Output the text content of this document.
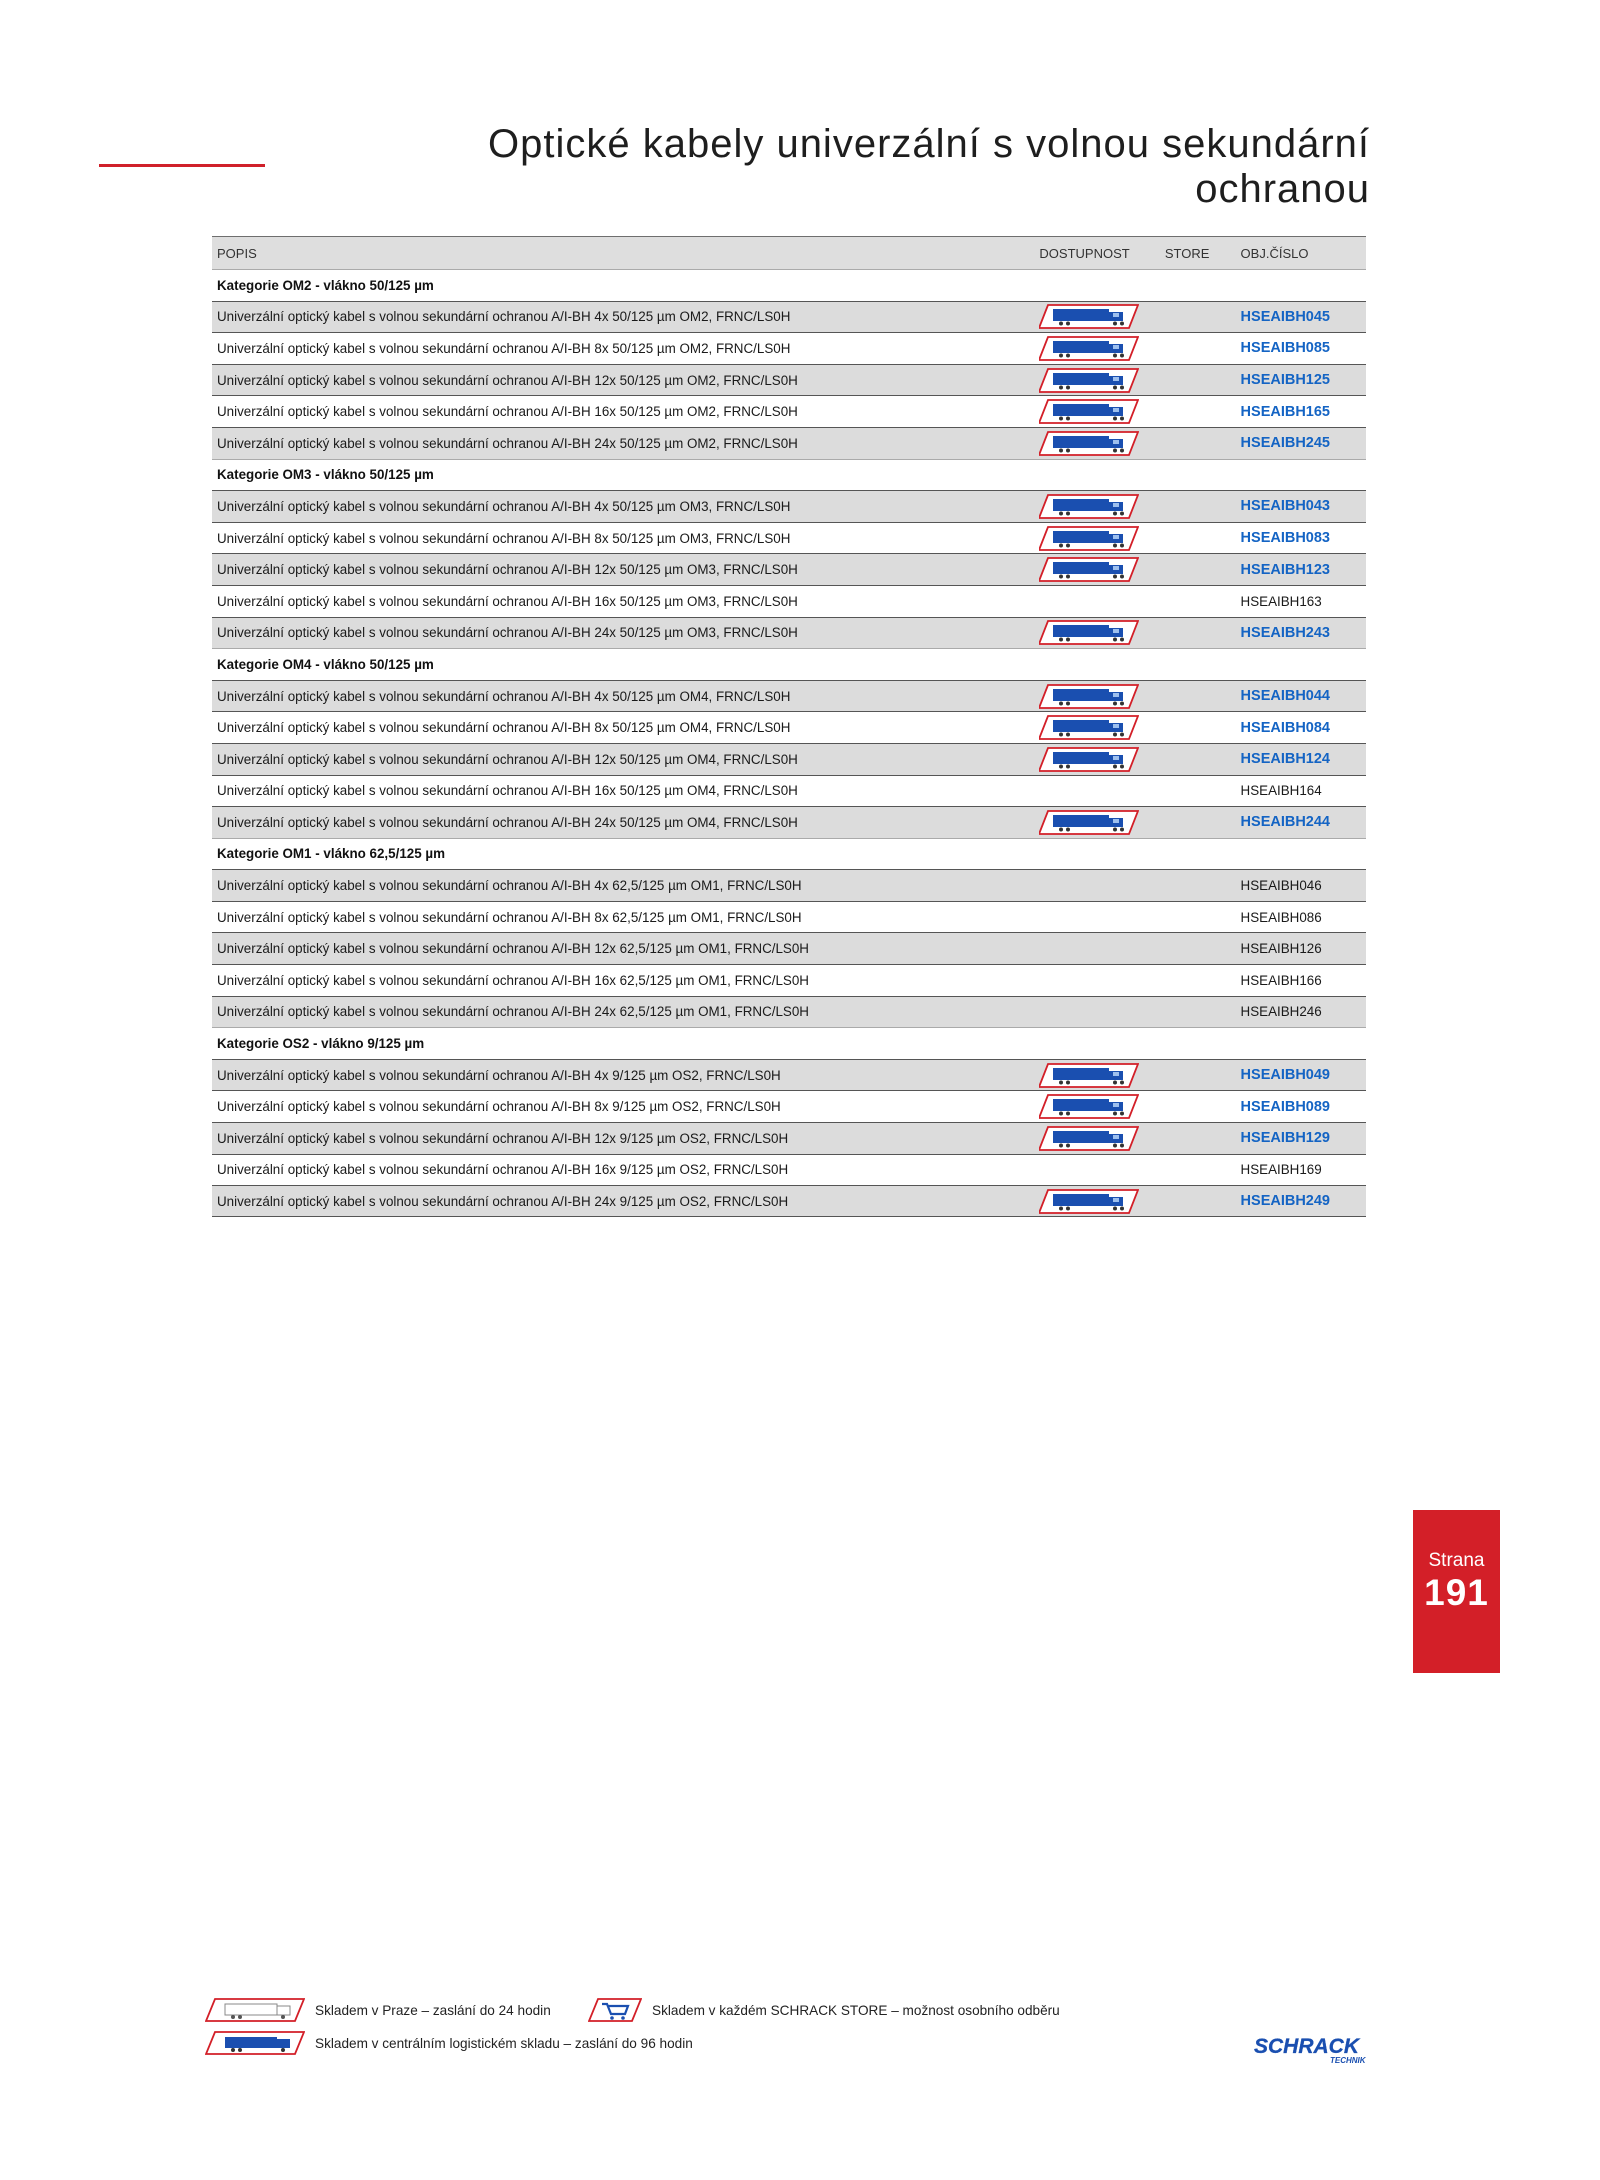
Optické kabely univerzální s volnou sekundární ochranou
POPIS	DOSTUPNOST	STORE	OBJ.ČÍSLO
Kategorie OM2 - vlákno 50/125 µm
Univerzální optický kabel s volnou sekundární ochranou A/I-BH 4x 50/125 µm OM2, FRNC/LS0H	HSEAIBH045
Univerzální optický kabel s volnou sekundární ochranou A/I-BH 8x 50/125 µm OM2, FRNC/LS0H	HSEAIBH085
Univerzální optický kabel s volnou sekundární ochranou A/I-BH 12x 50/125 µm OM2, FRNC/LS0H	HSEAIBH125
Univerzální optický kabel s volnou sekundární ochranou A/I-BH 16x 50/125 µm OM2, FRNC/LS0H	HSEAIBH165
Univerzální optický kabel s volnou sekundární ochranou A/I-BH 24x 50/125 µm OM2, FRNC/LS0H	HSEAIBH245
Kategorie OM3 - vlákno 50/125 µm
Univerzální optický kabel s volnou sekundární ochranou A/I-BH 4x 50/125 µm OM3, FRNC/LS0H	HSEAIBH043
Univerzální optický kabel s volnou sekundární ochranou A/I-BH 8x 50/125 µm OM3, FRNC/LS0H	HSEAIBH083
Univerzální optický kabel s volnou sekundární ochranou A/I-BH 12x 50/125 µm OM3, FRNC/LS0H	HSEAIBH123
Univerzální optický kabel s volnou sekundární ochranou A/I-BH 16x 50/125 µm OM3, FRNC/LS0H	HSEAIBH163
Univerzální optický kabel s volnou sekundární ochranou A/I-BH 24x 50/125 µm OM3, FRNC/LS0H	HSEAIBH243
Kategorie OM4 - vlákno 50/125 µm
Univerzální optický kabel s volnou sekundární ochranou A/I-BH 4x 50/125 µm OM4, FRNC/LS0H	HSEAIBH044
Univerzální optický kabel s volnou sekundární ochranou A/I-BH 8x 50/125 µm OM4, FRNC/LS0H	HSEAIBH084
Univerzální optický kabel s volnou sekundární ochranou A/I-BH 12x 50/125 µm OM4, FRNC/LS0H	HSEAIBH124
Univerzální optický kabel s volnou sekundární ochranou A/I-BH 16x 50/125 µm OM4, FRNC/LS0H	HSEAIBH164
Univerzální optický kabel s volnou sekundární ochranou A/I-BH 24x 50/125 µm OM4, FRNC/LS0H	HSEAIBH244
Kategorie OM1 - vlákno 62,5/125 µm
Univerzální optický kabel s volnou sekundární ochranou A/I-BH 4x 62,5/125 µm OM1, FRNC/LS0H	HSEAIBH046
Univerzální optický kabel s volnou sekundární ochranou A/I-BH 8x 62,5/125 µm OM1, FRNC/LS0H	HSEAIBH086
Univerzální optický kabel s volnou sekundární ochranou A/I-BH 12x 62,5/125 µm OM1, FRNC/LS0H	HSEAIBH126
Univerzální optický kabel s volnou sekundární ochranou A/I-BH 16x 62,5/125 µm OM1, FRNC/LS0H	HSEAIBH166
Univerzální optický kabel s volnou sekundární ochranou A/I-BH 24x 62,5/125 µm OM1, FRNC/LS0H	HSEAIBH246
Kategorie OS2 - vlákno 9/125 µm
Univerzální optický kabel s volnou sekundární ochranou A/I-BH 4x 9/125 µm OS2, FRNC/LS0H	HSEAIBH049
Univerzální optický kabel s volnou sekundární ochranou A/I-BH 8x 9/125 µm OS2, FRNC/LS0H	HSEAIBH089
Univerzální optický kabel s volnou sekundární ochranou A/I-BH 12x 9/125 µm OS2, FRNC/LS0H	HSEAIBH129
Univerzální optický kabel s volnou sekundární ochranou A/I-BH 16x 9/125 µm OS2, FRNC/LS0H	HSEAIBH169
Univerzální optický kabel s volnou sekundární ochranou A/I-BH 24x 9/125 µm OS2, FRNC/LS0H	HSEAIBH249
Strana
191
Skladem v Praze – zaslání do 24 hodin	Skladem v každém SCHRACK STORE – možnost osobního odběru
Skladem v centrálním logistickém skladu – zaslání do 96 hodin	SCHRACK
TECHNIK
